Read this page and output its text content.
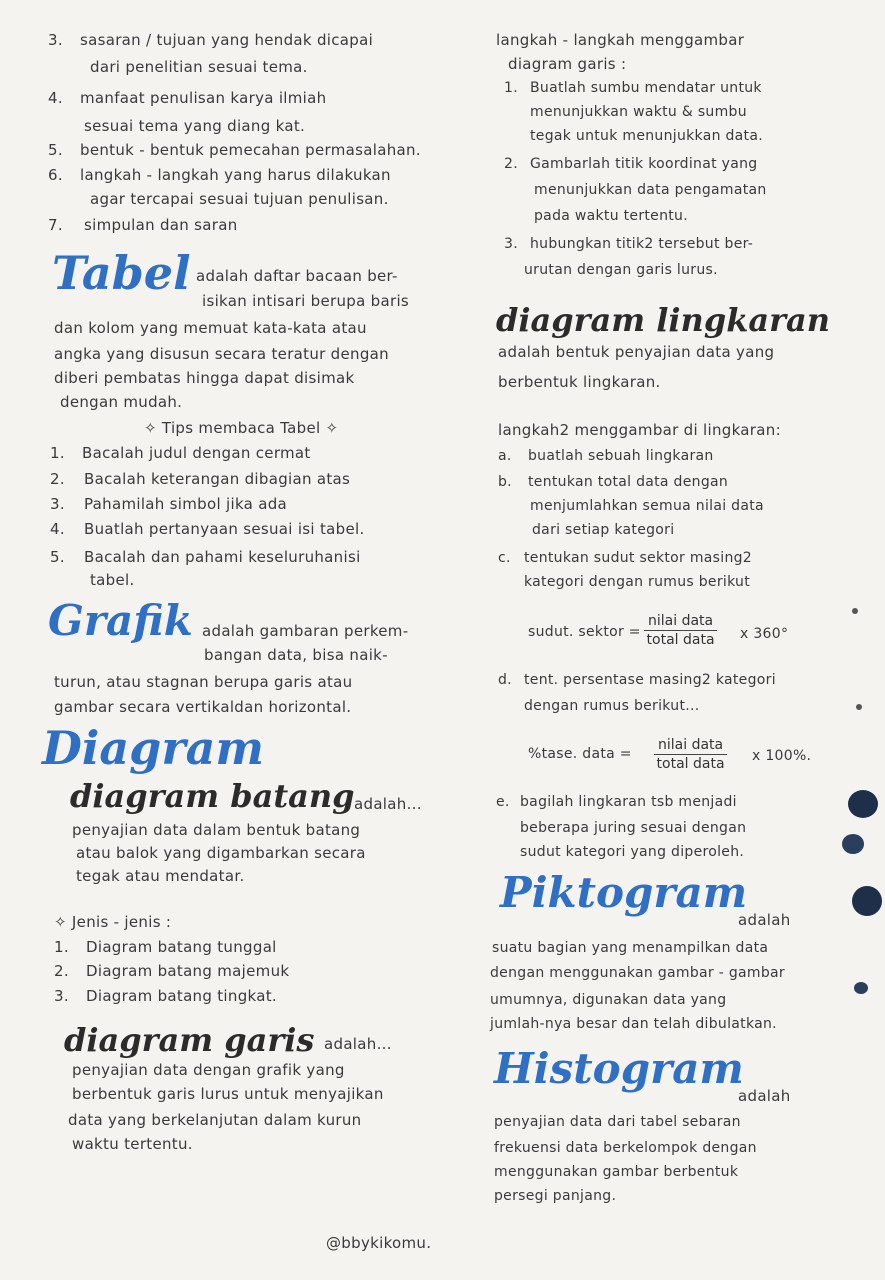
3. sasaran / tujuan yang hendak dicapai
dari penelitian sesuai tema.
4. manfaat penulisan karya ilmiah
sesuai tema yang diang kat.
5. bentuk - bentuk pemecahan permasalahan.
6. langkah - langkah yang harus dilakukan
agar tercapai sesuai tujuan penulisan.
7. simpulan dan saran
Tabel adalah daftar bacaan ber-
isikan intisari berupa baris
dan kolom yang memuat kata-kata atau
angka yang disusun secara teratur dengan
diberi pembatas hingga dapat disimak
dengan mudah.
✧ Tips membaca Tabel ✧
1. Bacalah judul dengan cermat
2. Bacalah keterangan dibagian atas
3. Pahamilah simbol jika ada
4. Buatlah pertanyaan sesuai isi tabel.
5. Bacalah dan pahami keseluruhanisi
tabel.
Grafik adalah gambaran perkem-
bangan data, bisa naik-
turun, atau stagnan berupa garis atau
gambar secara vertikaldan horizontal.
Diagram
diagram batang adalah...
penyajian data dalam bentuk batang
atau balok yang digambarkan secara
tegak atau mendatar.
✧ Jenis - jenis :
1. Diagram batang tunggal
2. Diagram batang majemuk
3. Diagram batang tingkat.
diagram garis adalah...
penyajian data dengan grafik yang
berbentuk garis lurus untuk menyajikan
data yang berkelanjutan dalam kurun
waktu tertentu.
langkah - langkah menggambar
diagram garis :
1. Buatlah sumbu mendatar untuk
menunjukkan waktu & sumbu
tegak untuk menunjukkan data.
2. Gambarlah titik koordinat yang
menunjukkan data pengamatan
pada waktu tertentu.
3. hubungkan titik2 tersebut ber-
urutan dengan garis lurus.
diagram lingkaran
adalah bentuk penyajian data yang
berbentuk lingkaran.
langkah2 menggambar di lingkaran:
a. buatlah sebuah lingkaran
b. tentukan total data dengan
menjumlahkan semua nilai data
dari setiap kategori
c. tentukan sudut sektor masing2
kategori dengan rumus berikut
sudut. sektor =
nilai data
total data x 360°
d. tent. persentase masing2 kategori
dengan rumus berikut...
%tase. data =
nilai data
total data x 100%.
e. bagilah lingkaran tsb menjadi
beberapa juring sesuai dengan
sudut kategori yang diperoleh.
Piktogram
adalah
suatu bagian yang menampilkan data
dengan menggunakan gambar - gambar
umumnya, digunakan data yang
jumlah-nya besar dan telah dibulatkan.
Histogram
adalah
penyajian data dari tabel sebaran
frekuensi data berkelompok dengan
menggunakan gambar berbentuk
persegi panjang.
@bbykikomu.
